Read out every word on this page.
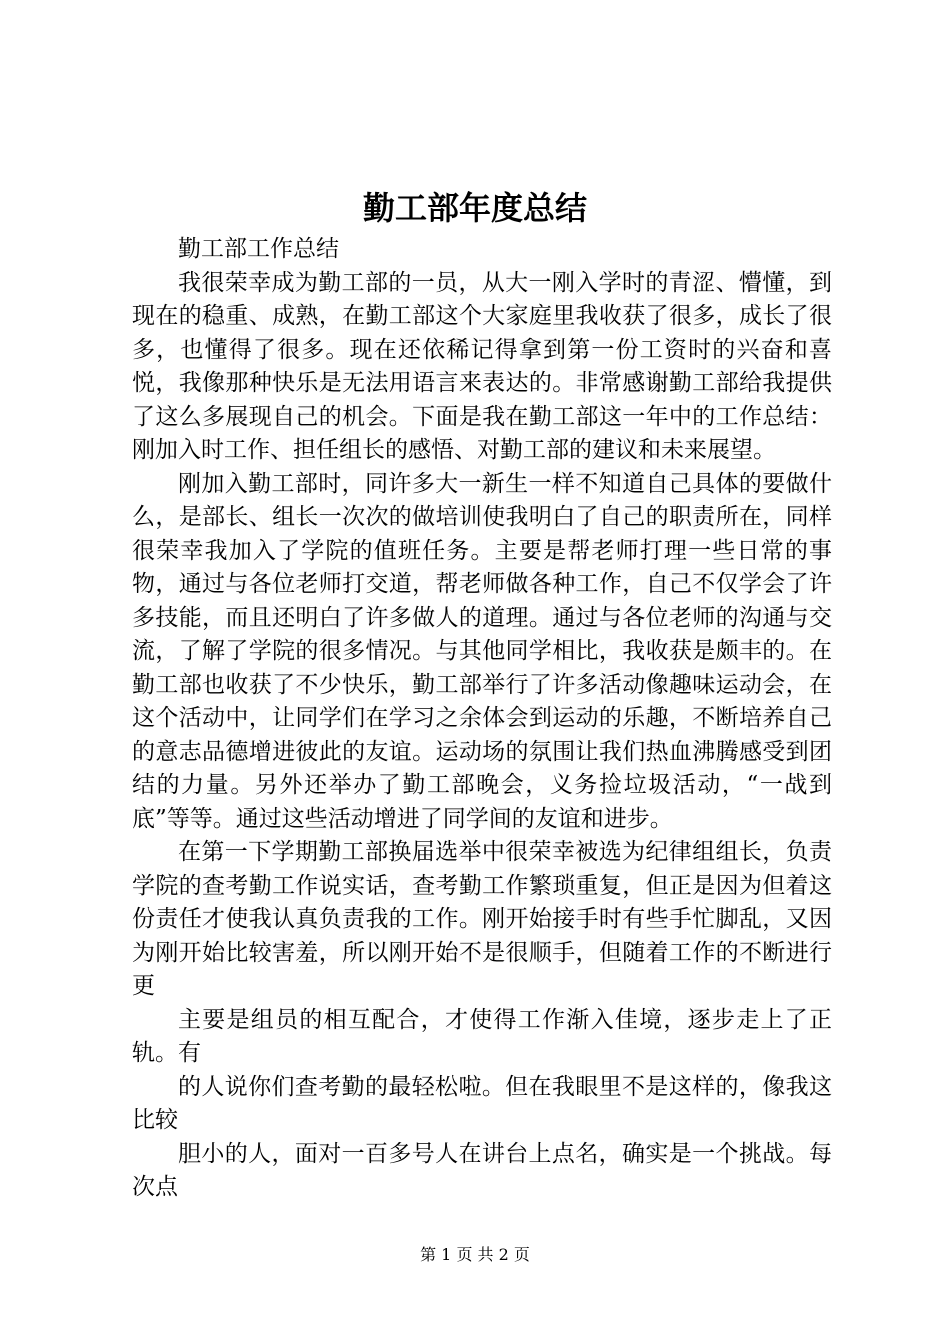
勤工部年度总结

勤工部工作总结

我很荣幸成为勤工部的一员，从大一刚入学时的青涩、懵懂，到现在的稳重、成熟，在勤工部这个大家庭里我收获了很多，成长了很多，也懂得了很多。现在还依稀记得拿到第一份工资时的兴奋和喜悦，我像那种快乐是无法用语言来表达的。非常感谢勤工部给我提供了这么多展现自己的机会。下面是我在勤工部这一年中的工作总结：刚加入时工作、担任组长的感悟、对勤工部的建议和未来展望。

刚加入勤工部时，同许多大一新生一样不知道自己具体的要做什么，是部长、组长一次次的做培训使我明白了自己的职责所在，同样很荣幸我加入了学院的值班任务。主要是帮老师打理一些日常的事物，通过与各位老师打交道，帮老师做各种工作，自己不仅学会了许多技能，而且还明白了许多做人的道理。通过与各位老师的沟通与交流，了解了学院的很多情况。与其他同学相比，我收获是颇丰的。在勤工部也收获了不少快乐，勤工部举行了许多活动像趣味运动会，在这个活动中，让同学们在学习之余体会到运动的乐趣，不断培养自己的意志品德增进彼此的友谊。运动场的氛围让我们热血沸腾感受到团结的力量。另外还举办了勤工部晚会，义务捡垃圾活动，“一战到底”等等。通过这些活动增进了同学间的友谊和进步。

在第一下学期勤工部换届选举中很荣幸被选为纪律组组长，负责学院的查考勤工作说实话，查考勤工作繁琐重复，但正是因为但着这份责任才使我认真负责我的工作。刚开始接手时有些手忙脚乱，又因为刚开始比较害羞，所以刚开始不是很顺手，但随着工作的不断进行更

主要是组员的相互配合，才使得工作渐入佳境，逐步走上了正轨。有

的人说你们查考勤的最轻松啦。但在我眼里不是这样的，像我这比较

胆小的人，面对一百多号人在讲台上点名，确实是一个挑战。每次点

第 1 页 共 2 页
